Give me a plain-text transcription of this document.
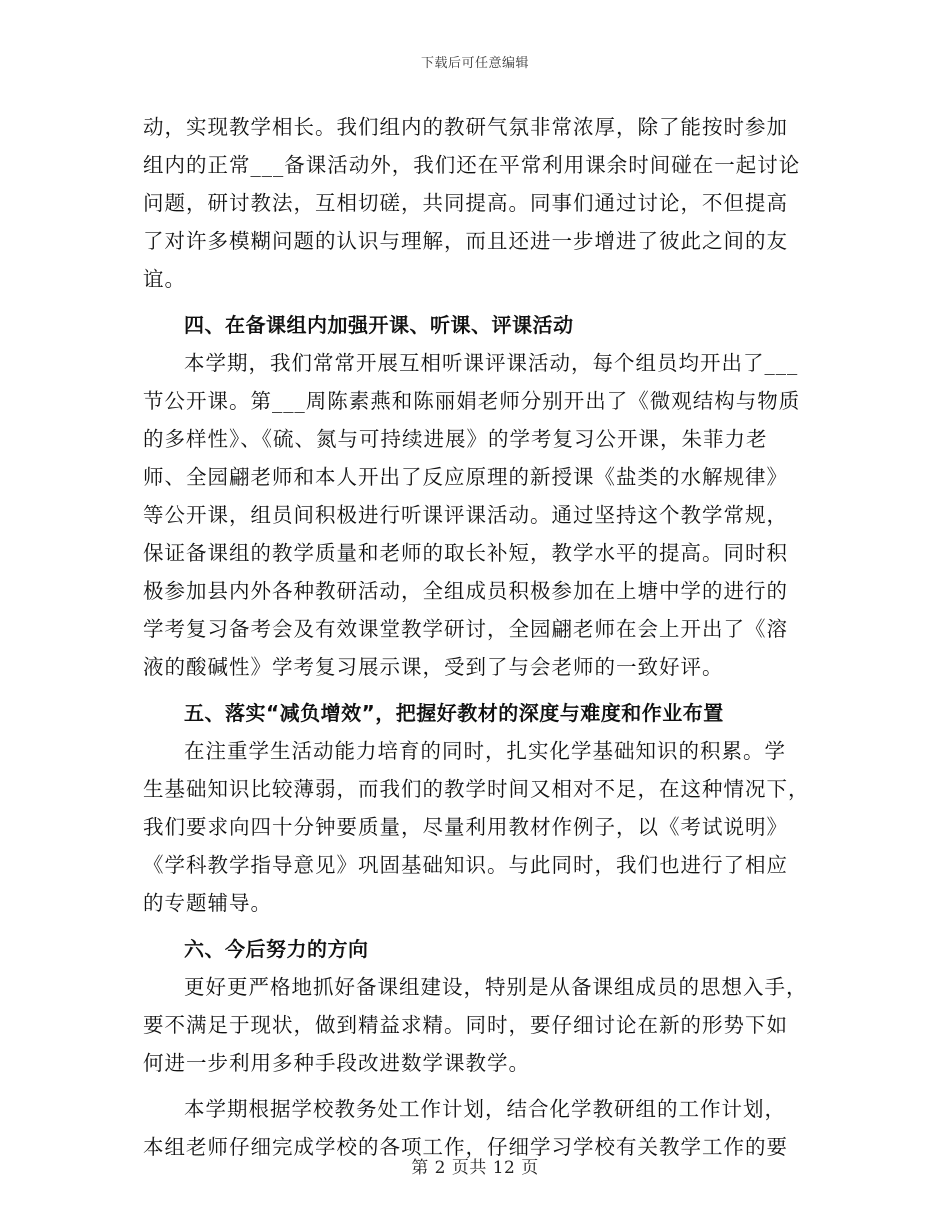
下载后可任意编辑
动，实现教学相长。我们组内的教研气氛非常浓厚，除了能按时参加
组内的正常___备课活动外，我们还在平常利用课余时间碰在一起讨论
问题，研讨教法，互相切磋，共同提高。同事们通过讨论，不但提高
了对许多模糊问题的认识与理解，而且还进一步增进了彼此之间的友
谊。
四、在备课组内加强开课、听课、评课活动
本学期，我们常常开展互相听课评课活动，每个组员均开出了___
节公开课。第___周陈素燕和陈丽娟老师分别开出了《微观结构与物质
的多样性》、《硫、氮与可持续进展》的学考复习公开课，朱菲力老
师、全园翩老师和本人开出了反应原理的新授课《盐类的水解规律》
等公开课，组员间积极进行听课评课活动。通过坚持这个教学常规，
保证备课组的教学质量和老师的取长补短，教学水平的提高。同时积
极参加县内外各种教研活动，全组成员积极参加在上塘中学的进行的
学考复习备考会及有效课堂教学研讨，全园翩老师在会上开出了《溶
液的酸碱性》学考复习展示课，受到了与会老师的一致好评。
五、落实“减负增效”，把握好教材的深度与难度和作业布置
在注重学生活动能力培育的同时，扎实化学基础知识的积累。学
生基础知识比较薄弱，而我们的教学时间又相对不足，在这种情况下，
我们要求向四十分钟要质量，尽量利用教材作例子，以《考试说明》
《学科教学指导意见》巩固基础知识。与此同时，我们也进行了相应
的专题辅导。
六、今后努力的方向
更好更严格地抓好备课组建设，特别是从备课组成员的思想入手，
要不满足于现状，做到精益求精。同时，要仔细讨论在新的形势下如
何进一步利用多种手段改进数学课教学。
本学期根据学校教务处工作计划，结合化学教研组的工作计划，
本组老师仔细完成学校的各项工作，仔细学习学校有关教学工作的要
第 2 页共 12 页
